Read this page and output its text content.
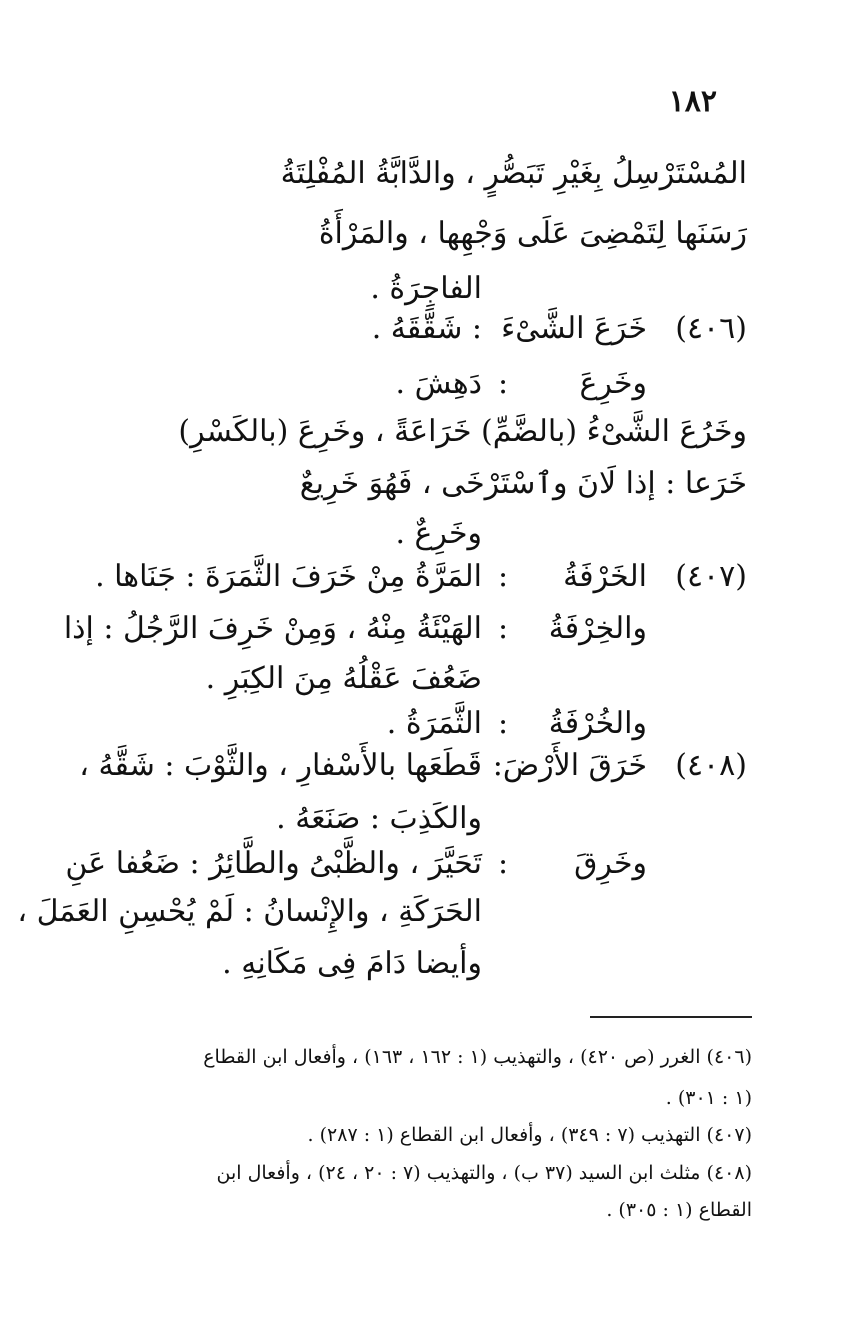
١٨٢
المُسْتَرْسِلُ بِغَيْرِ تَبَصُّرٍ ، والدَّابَّةُ المُفْلِتَةُ
رَسَنَها لِتَمْضِىَ عَلَى وَجْهِها ، والمَرْأَةُ
الفاجِرَةُ .
(٤٠٦)
خَرَعَ الشَّىْءَ
: شَقَّقَهُ .
وخَرِعَ
:
دَهِشَ .
وخَرُعَ الشَّىْءُ (بالضَّمِّ) خَرَاعَةً ، وخَرِعَ (بالكَسْرِ)
خَرَعا : إذا لَانَ وٱسْتَرْخَى ، فَهُوَ خَرِيعٌ
وخَرِعٌ .
(٤٠٧)
الخَرْفَةُ
:
المَرَّةُ مِنْ خَرَفَ الثَّمَرَةَ : جَنَاها .
والخِرْفَةُ
:
الهَيْئَةُ مِنْهُ ، وَمِنْ خَرِفَ الرَّجُلُ : إذا
ضَعُفَ عَقْلُهُ مِنَ الكِبَرِ .
والخُرْفَةُ
:
الثَّمَرَةُ .
(٤٠٨)
خَرَقَ الأَرْضَ:
قَطَعَها بالأَسْفارِ ، والثَّوْبَ : شَقَّهُ ،
والكَذِبَ : صَنَعَهُ .
وخَرِقَ
:
تَحَيَّرَ ، والظَّبْىُ والطَّائِرُ : ضَعُفا عَنِ
الحَرَكَةِ ، والإِنْسانُ : لَمْ يُحْسِنِ العَمَلَ ،
وأيضا دَامَ فِى مَكَانِهِ .
(٤٠٦) الغرر (ص ٤٢٠) ، والتهذيب (١ : ١٦٢ ، ١٦٣) ، وأفعال ابن القطاع
(١ : ٣٠١) .
(٤٠٧) التهذيب (٧ : ٣٤٩) ، وأفعال ابن القطاع (١ : ٢٨٧) .
(٤٠٨) مثلث ابن السيد (٣٧ ب) ، والتهذيب (٧ : ٢٠ ، ٢٤) ، وأفعال ابن
القطاع (١ : ٣٠٥) .
